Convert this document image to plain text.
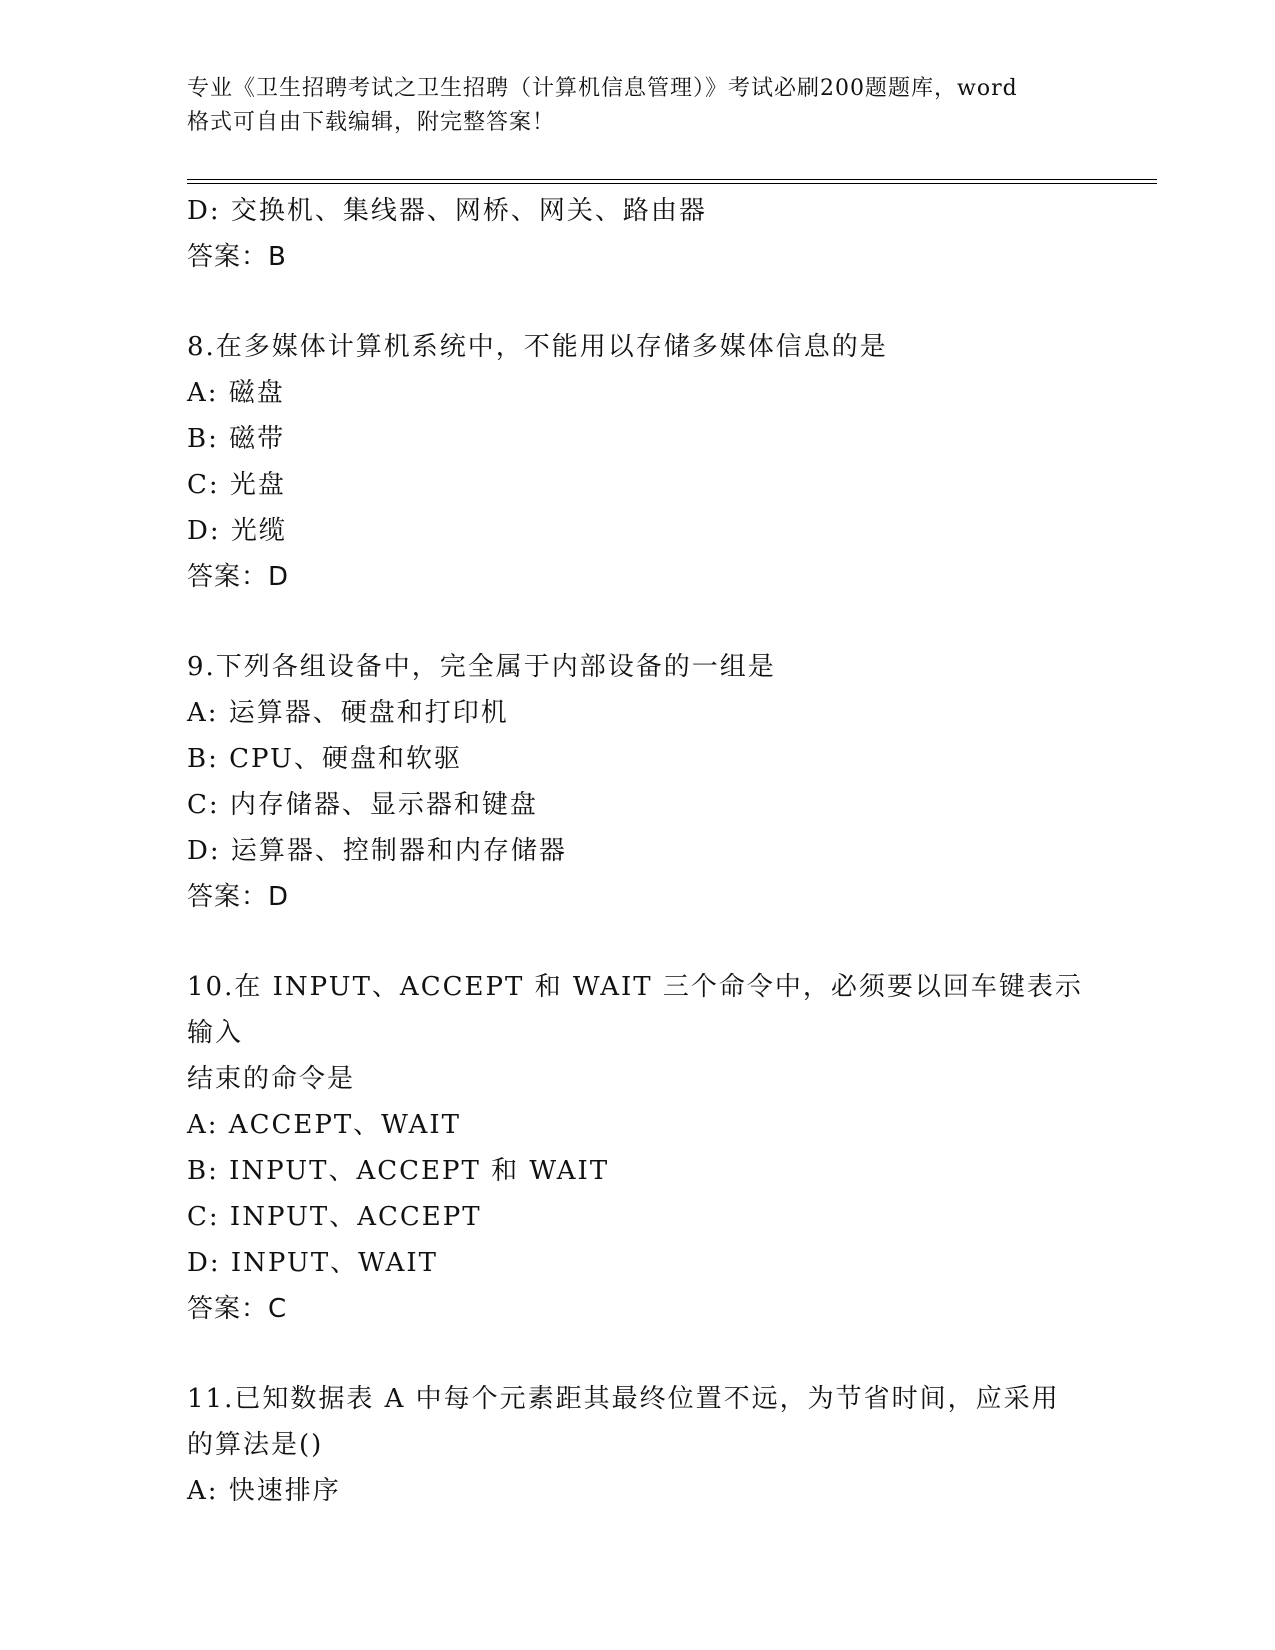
专业《卫生招聘考试之卫生招聘（计算机信息管理）》考试必刷200题题库，word
格式可自由下载编辑，附完整答案！
D: 交换机、集线器、网桥、网关、路由器
答案：B
8.在多媒体计算机系统中，不能用以存储多媒体信息的是
A: 磁盘
B: 磁带
C: 光盘
D: 光缆
答案：D
9.下列各组设备中，完全属于内部设备的一组是
A: 运算器、硬盘和打印机
B: CPU、硬盘和软驱
C: 内存储器、显示器和键盘
D: 运算器、控制器和内存储器
答案：D
10.在 INPUT、ACCEPT 和 WAIT 三个命令中，必须要以回车键表示输入
结束的命令是
A: ACCEPT、WAIT
B: INPUT、ACCEPT 和 WAIT
C: INPUT、ACCEPT
D: INPUT、WAIT
答案：C
11.已知数据表 A 中每个元素距其最终位置不远，为节省时间，应采用
的算法是()
A: 快速排序
